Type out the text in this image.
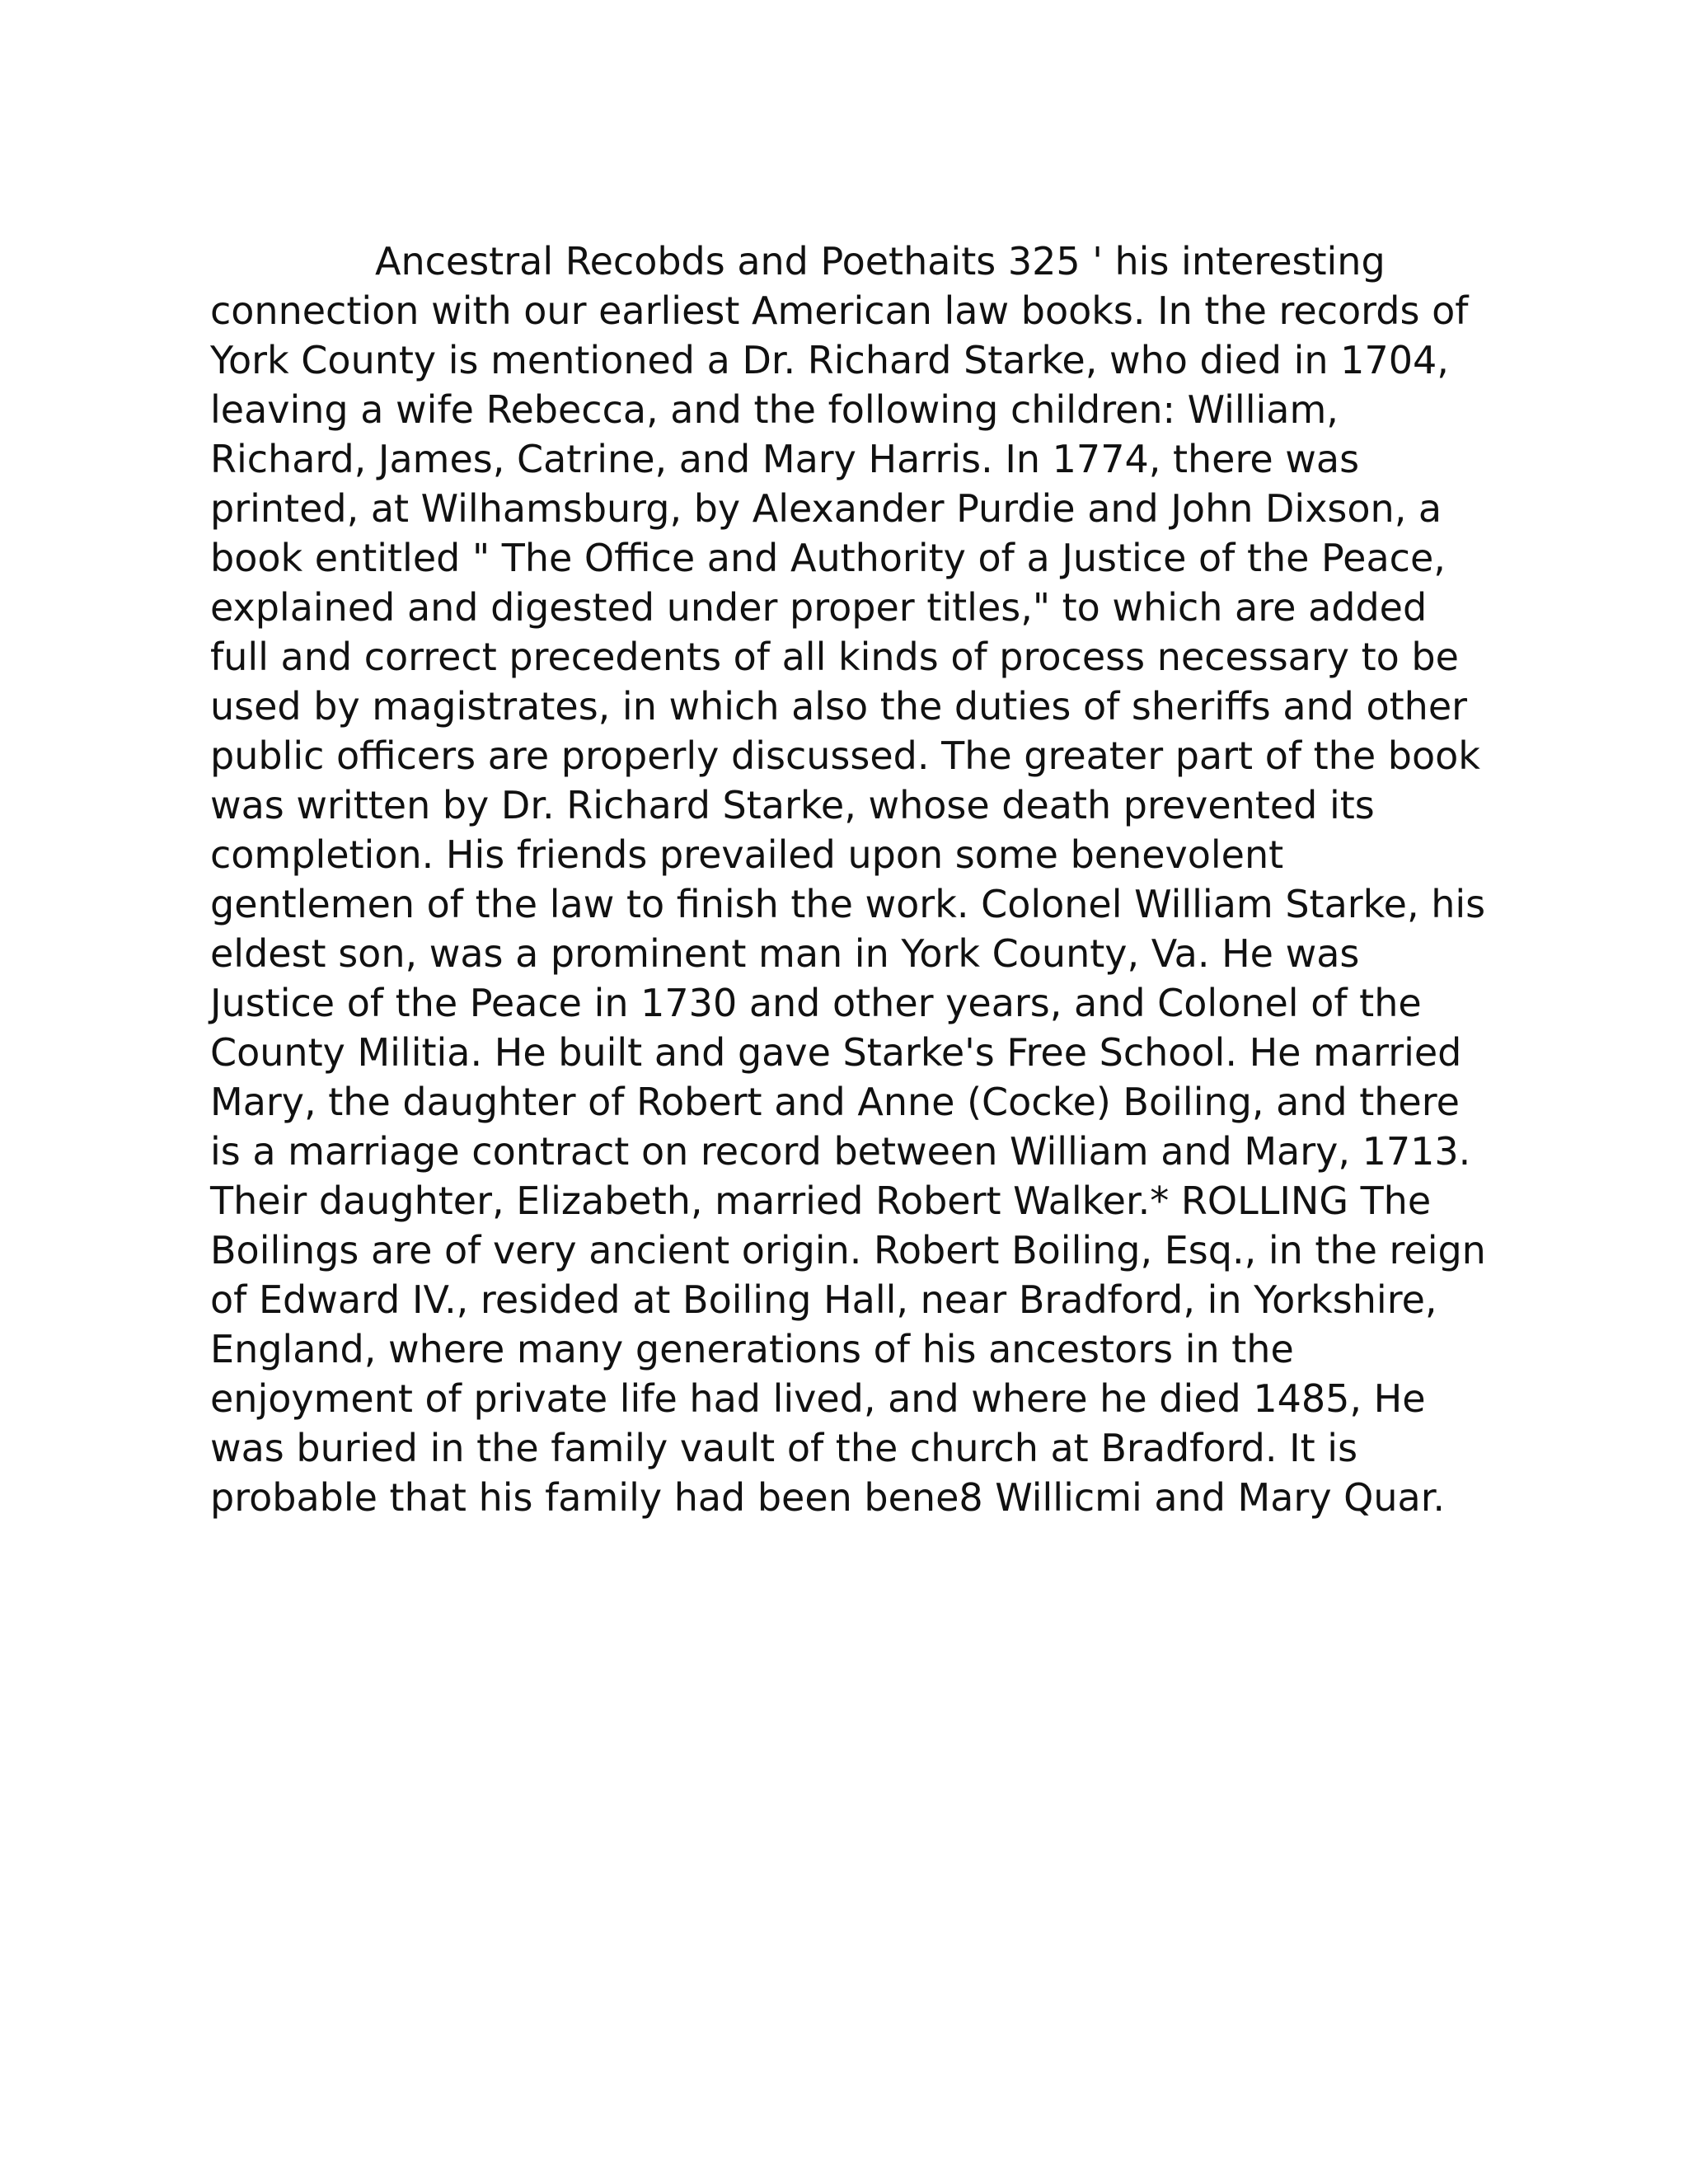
Ancestral Recobds and Poethaits 325 ' his interesting connection with our earliest American law books. In the records of York County is mentioned a Dr. Richard Starke, who died in 1704, leaving a wife Rebecca, and the following children: William, Richard, James, Catrine, and Mary Harris. In 1774, there was printed, at Wilhamsburg, by Alexander Purdie and John Dixson, a book entitled " The Office and Authority of a Justice of the Peace, explained and digested under proper titles," to which are added full and correct precedents of all kinds of process necessary to be used by magistrates, in which also the duties of sheriffs and other public officers are properly discussed. The greater part of the book was written by Dr. Richard Starke, whose death prevented its completion. His friends prevailed upon some benevolent gentlemen of the law to finish the work. Colonel William Starke, his eldest son, was a prominent man in York County, Va. He was Justice of the Peace in 1730 and other years, and Colonel of the County Militia. He built and gave Starke's Free School. He married Mary, the daughter of Robert and Anne (Cocke) Boiling, and there is a marriage contract on record between William and Mary, 1713. Their daughter, Elizabeth, married Robert Walker.* ROLLING The Boilings are of very ancient origin. Robert Boiling, Esq., in the reign of Edward IV., resided at Boiling Hall, near Bradford, in Yorkshire, England, where many generations of his ancestors in the enjoyment of private life had lived, and where he died 1485, He was buried in the family vault of the church at Bradford. It is probable that his family had been bene8 Willicmi and Mary Quar.
